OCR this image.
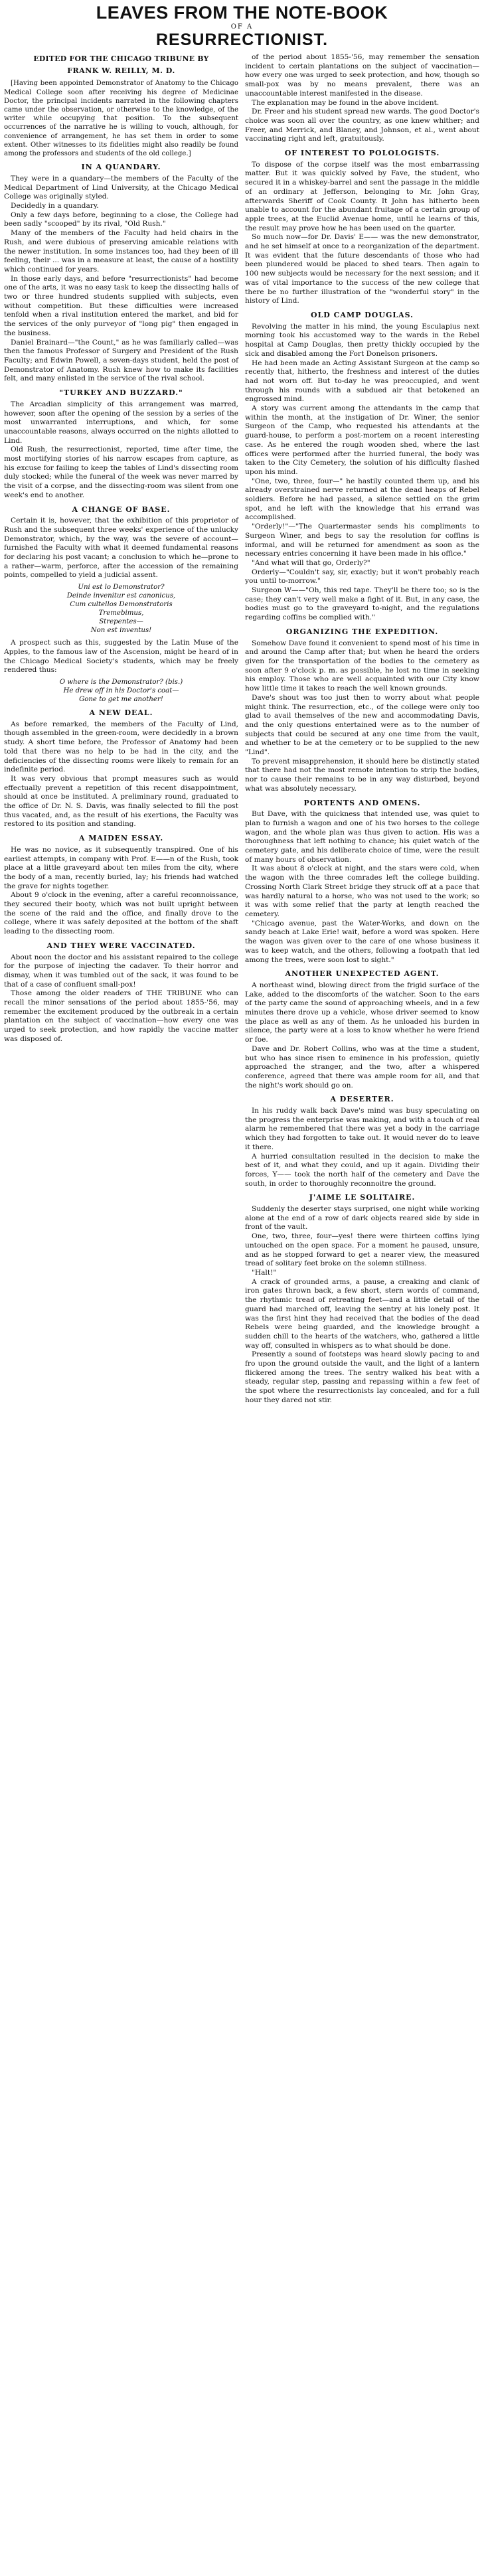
LEAVES FROM THE NOTE-BOOK
OF A
RESURRECTIONIST.
EDITED FOR THE CHICAGO TRIBUNE BY
FRANK W. REILLY, M. D.

[Having been appointed Demonstrator of Anatomy to the Chicago Medical College soon after receiving his degree of Medicinae Doctor, the principal incidents narrated in the following chapters came under the observation, or otherwise to the knowledge, of the writer while occupying that position. To the subsequent occurrences of the narrative he is willing to vouch, although, for convenience of arrangement, he has set them in order to some extent. Other witnesses to its fidelities might also readily be found among the professors and students of the old college.]

IN A QUANDARY.

They were in a quandary—the members of the Faculty of the Medical Department of Lind University, at the Chicago Medical College was originally styled.

Decidedly in a quandary.

Only a few days before, beginning to a close, the College had been sadly "scooped" by its rival, "Old Rush."

Many of the members of the Faculty had held chairs in the Rush, and were dubious of preserving amicable relations with the newer institution. In some instances too, had they been of ill feeling, their ... was in a measure at least, the cause of a hostility which continued for years.

In those early days, and before "resurrectionists" had become one of the arts, it was no easy task to keep the dissecting halls of two or three hundred students supplied with subjects, even without competition. But these difficulties were increased tenfold when a rival institution entered the market, and bid for the services of the only purveyor of "long pig" then engaged in the business.

Daniel Brainard—"the Count," as he was familiarly called—was then the famous Professor of Surgery and President of the Rush Faculty; and Edwin Powell, a seven-days student, held the post of Demonstrator of Anatomy. Rush knew how to make its facilities felt, and many enlisted in the service of the rival school.

"TURKEY AND BUZZARD."

The Arcadian simplicity of this arrangement was marred, however, soon after the opening of the session by a series of the most unwarranted interruptions, and which, for some unaccountable reasons, always occurred on the nights allotted to Lind.

Old Rush, the resurrectionist, reported, time after time, the most mortifying stories of his narrow escapes from capture, as his excuse for failing to keep the tables of Lind's dissecting room duly stocked; while the funeral of the week was never marred by the visit of a corpse, and the dissecting-room was silent from one week's end to another.

A CHANGE OF BASE.

Certain it is, however, that the exhibition of this proprietor of Rush and the subsequent three weeks' experience of the unlucky Demonstrator, which, by the way, was the severe of account—furnished the Faculty with what it deemed fundamental reasons for declaring his post vacant; a conclusion to which he—prone to a rather—warm, perforce, after the accession of the remaining points, compelled to yield a judicial assent.

Uni est lo Demonstrator?
Deinde invenitur est canonicus,
Cum cultellos Demonstratoris
Tremebimus,
Strepentes—
Non est inventus!

A prospect such as this, suggested by the Latin Muse of the Apples, to the famous law of the Ascension, might be heard of in the Chicago Medical Society's students, which may be freely rendered thus:

O where is the Demonstrator? (bis.)
He drew off in his Doctor's coat—
Gone to get me another!
A NEW DEAL.

As before remarked, the members of the Faculty of Lind, though assembled in the green-room, were decidedly in a brown study. A short time before, the Professor of Anatomy had been told that there was no help to be had in the city, and the deficiencies of the dissecting rooms were likely to remain for an indefinite period.

It was very obvious that prompt measures such as would effectually prevent a repetition of this recent disappointment, should at once be instituted. A preliminary round, graduated to the office of Dr. N. S. Davis, was finally selected to fill the post thus vacated, and, as the result of his exertions, the Faculty was restored to its position and standing.

A MAIDEN ESSAY.

He was no novice, as it subsequently transpired. One of his earliest attempts, in company with Prof. E——n of the Rush, took place at a little graveyard about ten miles from the city, where the body of a man, recently buried, lay; his friends had watched the grave for nights together.

About 9 o'clock in the evening, after a careful reconnoissance, they secured their booty, which was not built upright between the scene of the raid and the office, and finally drove to the college, where it was safely deposited at the bottom of the shaft leading to the dissecting room.

AND THEY WERE VACCINATED.

About noon the doctor and his assistant repaired to the college for the purpose of injecting the cadaver. To their horror and dismay, when it was tumbled out of the sack, it was found to be that of a case of confluent small-pox!

Those among the older readers of THE TRIBUNE who can recall the minor sensations of the period about 1855-'56, may remember the excitement produced by the outbreak in a certain plantation on the subject of vaccination—how every one was urged to seek protection, and how rapidly the vaccine matter was disposed of.

of the period about 1855-'56, may remember the sensation incident to certain plantations on the subject of vaccination—how every one was urged to seek protection, and how, though so small-pox was by no means prevalent, there was an unaccountable interest manifested in the disease.

The explanation may be found in the above incident.

Dr. Freer and his student spread new wards. The good Doctor's choice was soon all over the country, as one knew whither; and Freer, and Merrick, and Blaney, and Johnson, et al., went about vaccinating right and left, gratuitously.

OF INTEREST TO POLOLOGISTS.

To dispose of the corpse itself was the most embarrassing matter. But it was quickly solved by Fave, the student, who secured it in a whiskey-barrel and sent the passage in the middle of an ordinary at Jefferson, belonging to Mr. John Gray, afterwards Sheriff of Cook County. It John has hitherto been unable to account for the abundant fruitage of a certain group of apple trees, at the Euclid Avenue home, until he learns of this, the result may prove how he has been used on the quarter.

So much now—for Dr. Davis' E—— was the new demonstrator, and he set himself at once to a reorganization of the department. It was evident that the future descendants of those who had been plundered would be placed to shed tears. Then again to 100 new subjects would be necessary for the next session; and it was of vital importance to the success of the new college that there be no further illustration of the "wonderful story" in the history of Lind.

OLD CAMP DOUGLAS.

Revolving the matter in his mind, the young Esculapius next morning took his accustomed way to the wards in the Rebel hospital at Camp Douglas, then pretty thickly occupied by the sick and disabled among the Fort Donelson prisoners.

He had been made an Acting Assistant Surgeon at the camp so recently that, hitherto, the freshness and interest of the duties had not worn off. But to-day he was preoccupied, and went through his rounds with a subdued air that betokened an engrossed mind.

A story was current among the attendants in the camp that within the month, at the instigation of Dr. Winer, the senior Surgeon of the Camp, who requested his attendants at the guard-house, to perform a post-mortem on a recent interesting case. As he entered the rough wooden shed, where the last offices were performed after the hurried funeral, the body was taken to the City Cemetery, the solution of his difficulty flashed upon his mind.

"One, two, three, four—" he hastily counted them up, and his already overstrained nerve returned at the dead heaps of Rebel soldiers. Before he had passed, a silence settled on the grim spot, and he left with the knowledge that his errand was accomplished.

"Orderly!"—"The Quartermaster sends his compliments to Surgeon Winer, and begs to say the resolution for coffins is informal, and will be returned for amendment as soon as the necessary entries concerning it have been made in his office."

"And what will that go, Orderly?"

Orderly—"Couldn't say, sir, exactly; but it won't probably reach you until to-morrow."

Surgeon W——"Oh, this red tape. They'll be there too; so is the case; they can't very well make a fight of it. But, in any case, the bodies must go to the graveyard to-night, and the regulations regarding coffins be complied with."

ORGANIZING THE EXPEDITION.

Somehow Dave found it convenient to spend most of his time in and around the Camp after that; but when he heard the orders given for the transportation of the bodies to the cemetery as soon after 9 o'clock p. m. as possible, he lost no time in seeking his employ. Those who are well acquainted with our City know how little time it takes to reach the well known grounds.

Dave's shout was too just then to worry about what people might think. The resurrection, etc., of the college were only too glad to avail themselves of the new and accommodating Davis, and the only questions entertained were as to the number of subjects that could be secured at any one time from the vault, and whether to be at the cemetery or to be supplied to the new "Lind".

To prevent misapprehension, it should here be distinctly stated that there had not the most remote intention to strip the bodies, nor to cause their remains to be in any way disturbed, beyond what was absolutely necessary.

PORTENTS AND OMENS.

But Dave, with the quickness that intended use, was quiet to plan to furnish a wagon and one of his two horses to the college wagon, and the whole plan was thus given to action. His was a thoroughness that left nothing to chance; his quiet watch of the cemetery gate, and his deliberate choice of time, were the result of many hours of observation.

It was about 8 o'clock at night, and the stars were cold, when the wagon with the three comrades left the college building. Crossing North Clark Street bridge they struck off at a pace that was hardly natural to a horse, who was not used to the work; so it was with some relief that the party at length reached the cemetery.

"Chicago avenue, past the Water-Works, and down on the sandy beach at Lake Erie! wait, before a word was spoken. Here the wagon was given over to the care of one whose business it was to keep watch, and the others, following a footpath that led among the trees, were soon lost to sight."

ANOTHER UNEXPECTED AGENT.

A northeast wind, blowing direct from the frigid surface of the Lake, added to the discomforts of the watcher. Soon to the ears of the party came the sound of approaching wheels, and in a few minutes there drove up a vehicle, whose driver seemed to know the place as well as any of them. As he unloaded his burden in silence, the party were at a loss to know whether he were friend or foe.

Dave and Dr. Robert Collins, who was at the time a student, but who has since risen to eminence in his profession, quietly approached the stranger, and the two, after a whispered conference, agreed that there was ample room for all, and that the night's work should go on.

A DESERTER.

In his ruddy walk back Dave's mind was busy speculating on the progress the enterprise was making, and with a touch of real alarm he remembered that there was yet a body in the carriage which they had forgotten to take out. It would never do to leave it there.

A hurried consultation resulted in the decision to make the best of it, and what they could, and up it again. Dividing their forces, Y—— took the north half of the cemetery and Dave the south, in order to thoroughly reconnoitre the ground.

J'AIME LE SOLITAIRE.

Suddenly the deserter stays surprised, one night while working alone at the end of a row of dark objects reared side by side in front of the vault.

One, two, three, four—yes! there were thirteen coffins lying untouched on the open space. For a moment he paused, unsure, and as he stopped forward to get a nearer view, the measured tread of solitary feet broke on the solemn stillness.

"Halt!"

A crack of grounded arms, a pause, a creaking and clank of iron gates thrown back, a few short, stern words of command, the rhythmic tread of retreating feet—and a little detail of the guard had marched off, leaving the sentry at his lonely post. It was the first hint they had received that the bodies of the dead Rebels were being guarded, and the knowledge brought a sudden chill to the hearts of the watchers, who, gathered a little way off, consulted in whispers as to what should be done.

Presently a sound of footsteps was heard slowly pacing to and fro upon the ground outside the vault, and the light of a lantern flickered among the trees. The sentry walked his beat with a steady, regular step, passing and repassing within a few feet of the spot where the resurrectionists lay concealed, and for a full hour they dared not stir.
